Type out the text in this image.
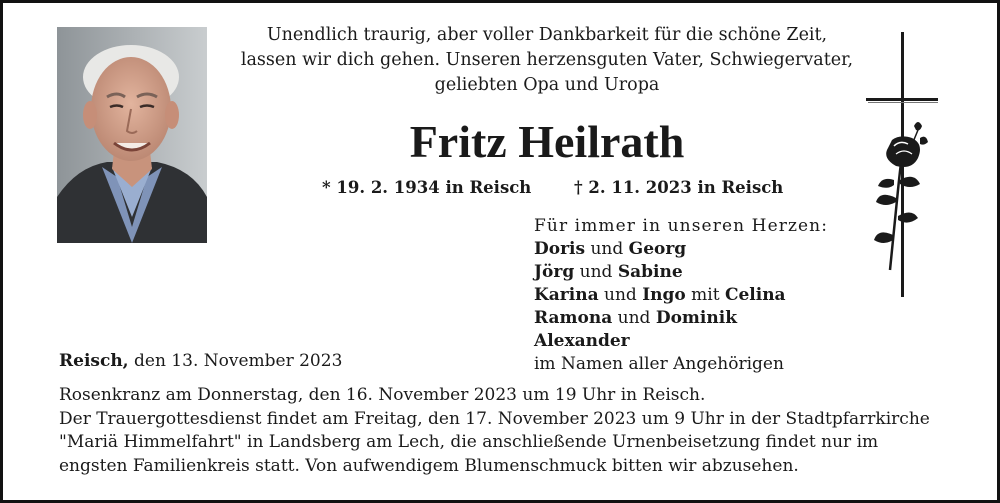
Unendlich traurig, aber voller Dankbarkeit für die schöne Zeit,
lassen wir dich gehen. Unseren herzensguten Vater, Schwiegervater,
geliebten Opa und Uropa
Fritz Heilrath
* 19. 2. 1934 in Reisch	† 2. 11. 2023 in Reisch
Für immer in unseren Herzen:
Doris und Georg
Jörg und Sabine
Karina und Ingo mit Celina
Ramona und Dominik
Alexander
im Namen aller Angehörigen
Reisch, den 13. November 2023
Rosenkranz am Donnerstag, den 16. November 2023 um 19 Uhr in Reisch.
Der Trauergottesdienst findet am Freitag, den 17. November 2023 um 9 Uhr in der Stadtpfarrkirche
"Mariä Himmelfahrt" in Landsberg am Lech, die anschließende Urnenbeisetzung findet nur im
engsten Familienkreis statt. Von aufwendigem Blumenschmuck bitten wir abzusehen.
